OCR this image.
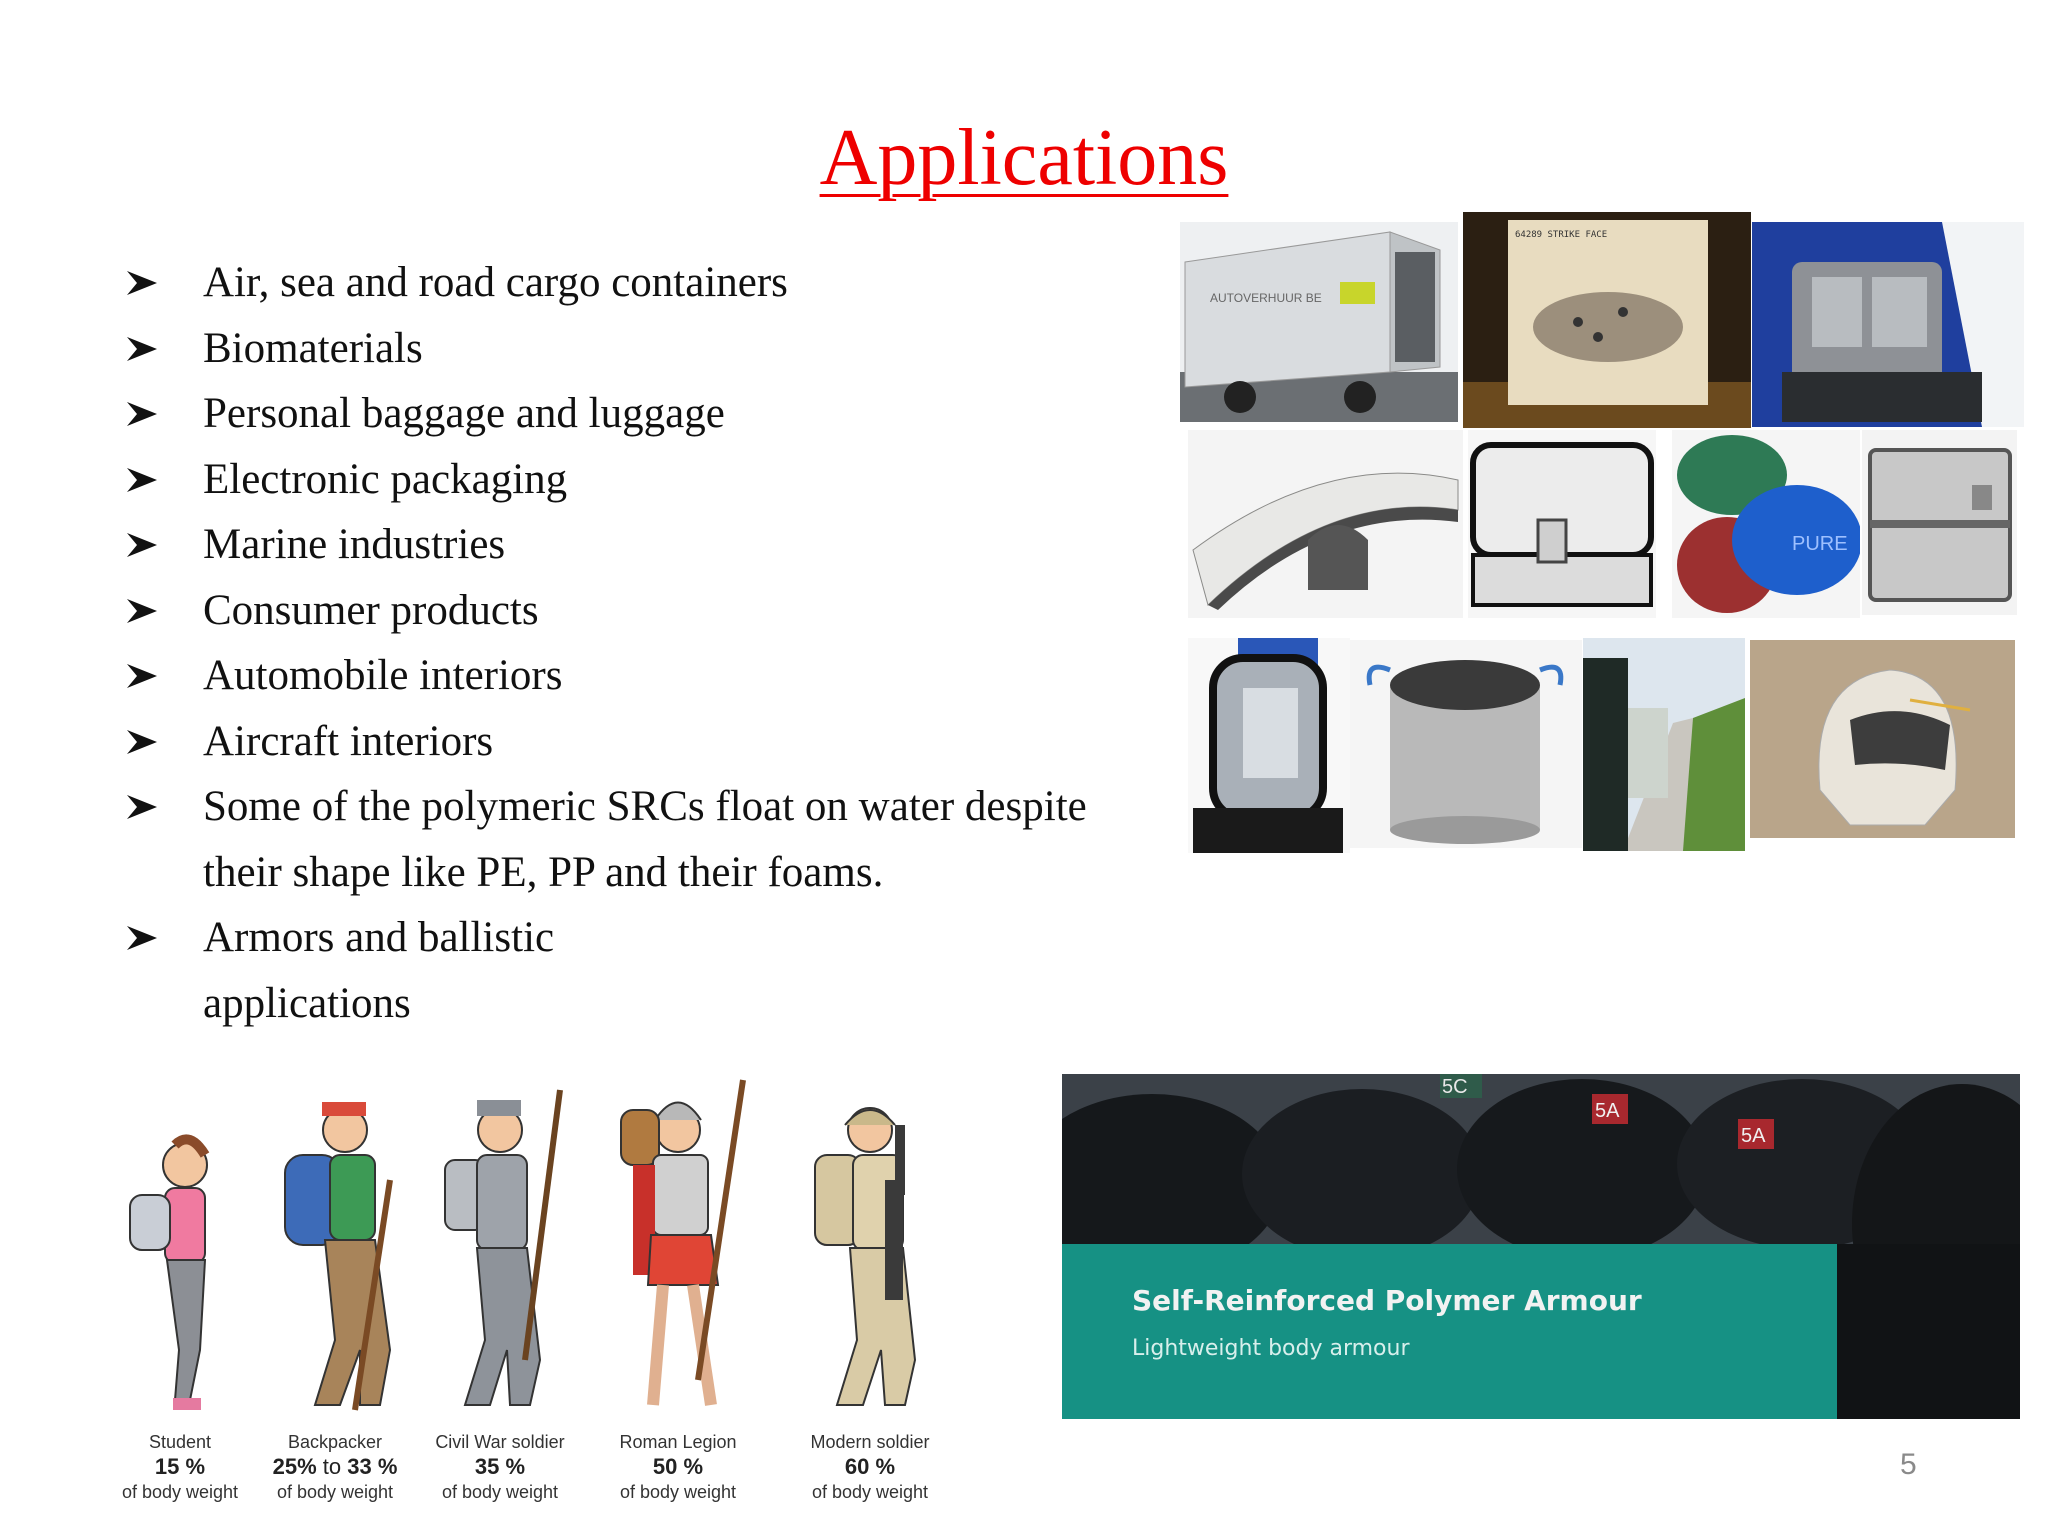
Applications
Air, sea and road cargo containers
Biomaterials
Personal baggage and luggage
Electronic packaging
Marine industries
Consumer products
Automobile interiors
Aircraft interiors
Some of the polymeric SRCs float on water despite
their shape like PE, PP and their foams.
Armors and ballistic
applications
AUTOVERHUUR BE
64289 STRIKE FACE
PURE
Student
15 %
of body weight
Backpacker
25% to 33 %
of body weight
Civil War soldier
35 %
of body weight
Roman Legion
50 %
of body weight
Modern soldier
60 %
of body weight
5C
5A
5A
Self-Reinforced Polymer Armour
Lightweight body armour
5
